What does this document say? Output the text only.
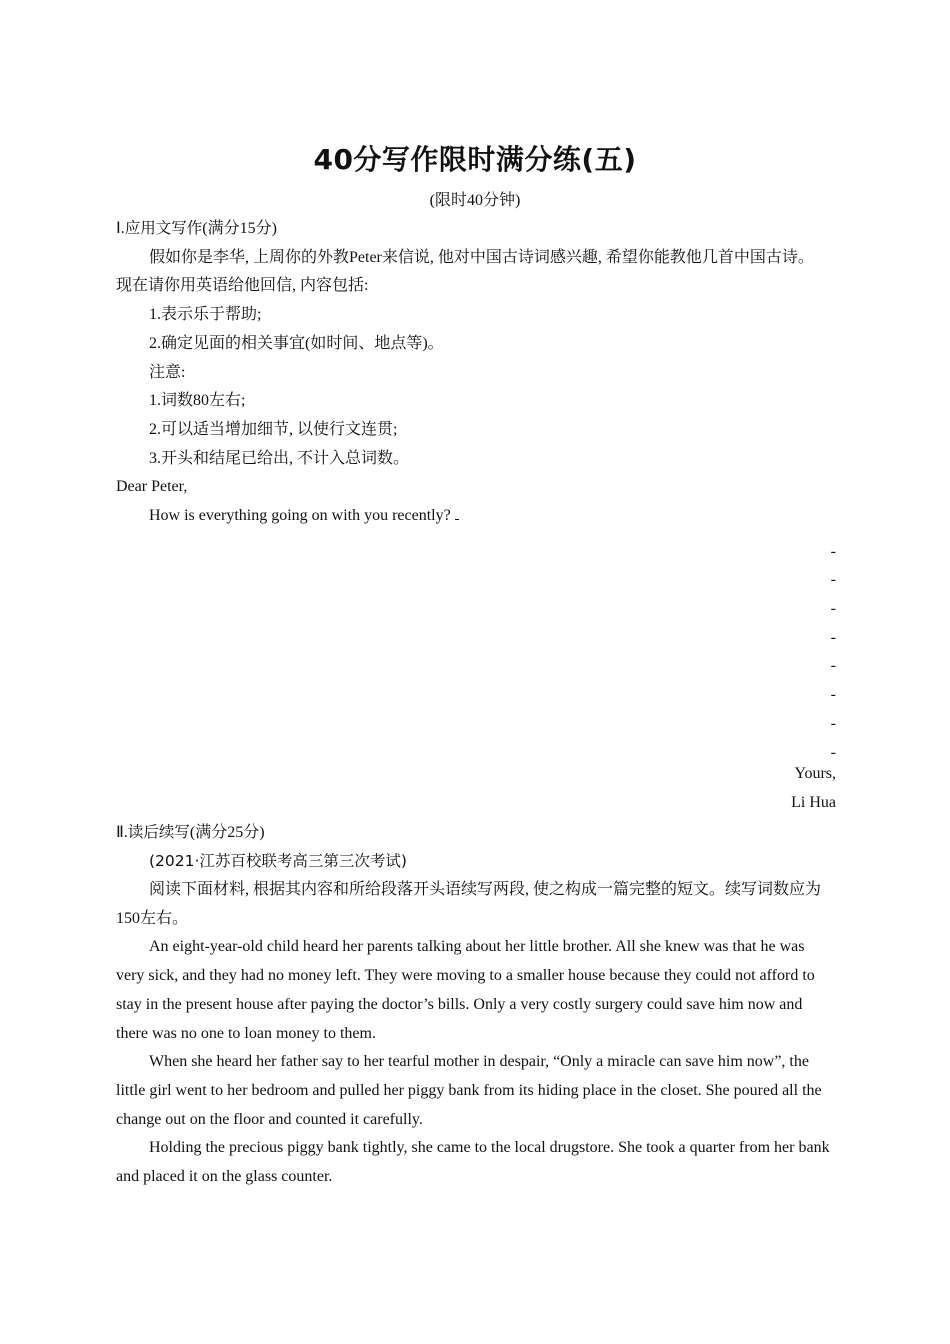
40分写作限时满分练(五)
(限时40分钟)
Ⅰ.应用文写作(满分15分)
假如你是李华, 上周你的外教Peter来信说, 他对中国古诗词感兴趣, 希望你能教他几首中国古诗。
现在请你用英语给他回信, 内容包括:
1.表示乐于帮助;
2.确定见面的相关事宜(如时间、地点等)。
注意:
1.词数80左右;
2.可以适当增加细节, 以使行文连贯;
3.开头和结尾已给出, 不计入总词数。
Dear Peter,
How is everything going on with you recently?
-
-
-
-
-
-
-
-
Yours,
Li Hua
Ⅱ.读后续写(满分25分)
(2021·江苏百校联考高三第三次考试)
阅读下面材料, 根据其内容和所给段落开头语续写两段, 使之构成一篇完整的短文。续写词数应为150左右。
An eight-year-old child heard her parents talking about her little brother. All she knew was that he was very sick, and they had no money left. They were moving to a smaller house because they could not afford to stay in the present house after paying the doctor’s bills. Only a very costly surgery could save him now and there was no one to loan money to them.
When she heard her father say to her tearful mother in despair, “Only a miracle can save him now”, the little girl went to her bedroom and pulled her piggy bank from its hiding place in the closet. She poured all the change out on the floor and counted it carefully.
Holding the precious piggy bank tightly, she came to the local drugstore. She took a quarter from her bank and placed it on the glass counter.
